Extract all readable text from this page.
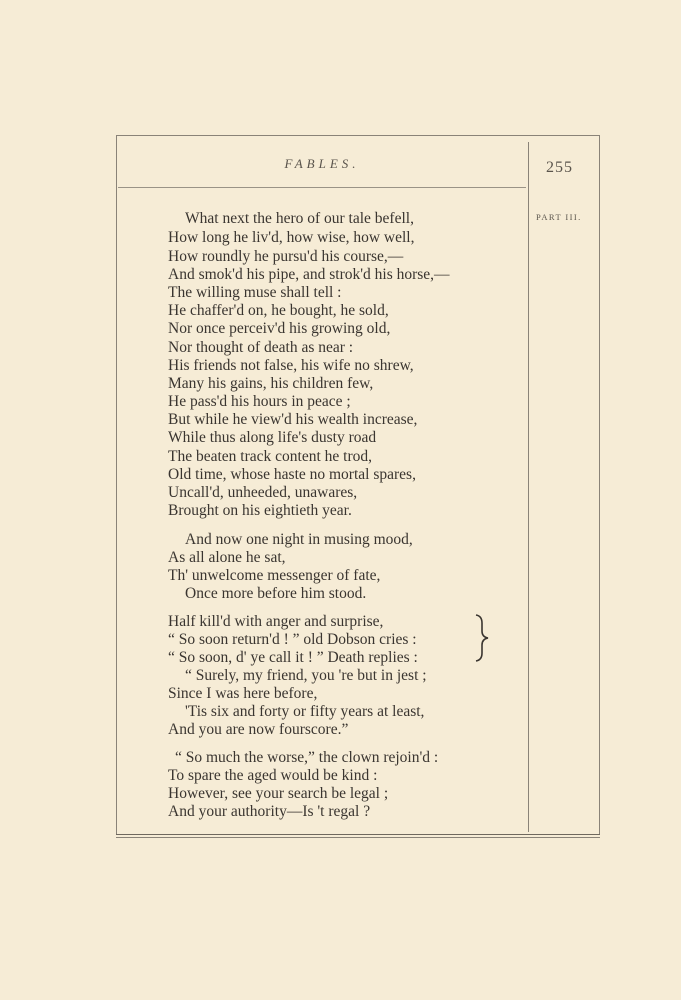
FABLES.	255
PART III.
What next the hero of our tale befell,
How long he liv'd, how wise, how well,
How roundly he pursu'd his course,—
And smok'd his pipe, and strok'd his horse,—
The willing muse shall tell :
He chaffer'd on, he bought, he sold,
Nor once perceiv'd his growing old,
Nor thought of death as near :
His friends not false, his wife no shrew,
Many his gains, his children few,
He pass'd his hours in peace ;
But while he view'd his wealth increase,
While thus along life's dusty road
The beaten track content he trod,
Old time, whose haste no mortal spares,
Uncall'd, unheeded, unawares,
Brought on his eightieth year.
And now one night in musing mood,
As all alone he sat,
Th' unwelcome messenger of fate,
Once more before him stood.
Half kill'd with anger and surprise,
“ So soon return'd ! ” old Dobson cries :
“ So soon, d' ye call it ! ” Death replies :
“ Surely, my friend, you 're but in jest ;
Since I was here before,
'Tis six and forty or fifty years at least,
And you are now fourscore.”
“ So much the worse,” the clown rejoin'd :
To spare the aged would be kind :
However, see your search be legal ;
And your authority—Is 't regal ?
